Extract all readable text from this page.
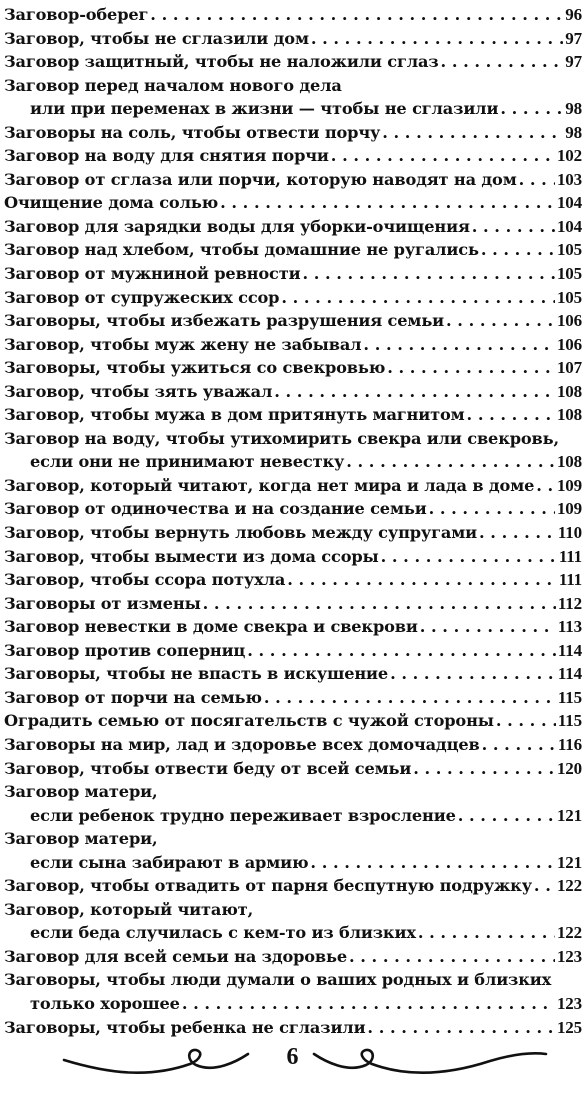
Заговор-оберег . . .	96
Заговор, чтобы не сглазили дом . . .	97
Заговор защитный, чтобы не наложили сглаз . . .	97
Заговор перед началом нового дела
или при переменах в жизни — чтобы не сглазили . . .	98
Заговоры на соль, чтобы отвести порчу . . .	98
Заговор на воду для снятия порчи . . .	102
Заговор от сглаза или порчи, которую наводят на дом . . . 103
Очищение дома солью . . .	104
Заговор для зарядки воды для уборки-очищения . . .	104
Заговор над хлебом, чтобы домашние не ругались . . .	105
Заговор от мужниной ревности . . .	105
Заговор от супружеских ссор . . .	105
Заговоры, чтобы избежать разрушения семьи . . .	106
Заговор, чтобы муж жену не забывал . . .	106
Заговоры, чтобы ужиться со свекровью . . .	107
Заговор, чтобы зять уважал . . .	108
Заговор, чтобы мужа в дом притянуть магнитом . . .	108
Заговор на воду, чтобы утихомирить свекра или свекровь,
если они не принимают невестку . . .	108
Заговор, который читают, когда нет мира и лада в доме . . . 109
Заговор от одиночества и на создание семьи . . .	109
Заговор, чтобы вернуть любовь между супругами . . .	110
Заговор, чтобы вымести из дома ссоры . . .	111
Заговор, чтобы ссора потухла . . .	111
Заговоры от измены . . .	112
Заговор невестки в доме свекра и свекрови . . .	113
Заговор против соперниц . . .	114
Заговоры, чтобы не впасть в искушение . . .	114
Заговор от порчи на семью . . .	115
Оградить семью от посягательств с чужой стороны . . .	115
Заговоры на мир, лад и здоровье всех домочадцев . . .	116
Заговор, чтобы отвести беду от всей семьи . . .	120
Заговор матери,
если ребенок трудно переживает взросление . . .	121
Заговор матери,
если сына забирают в армию . . .	121
Заговор, чтобы отвадить от парня беспутную подружку . . . 122
Заговор, который читают,
если беда случилась с кем-то из близких . . .	122
Заговор для всей семьи на здоровье . . .	123
Заговоры, чтобы люди думали о ваших родных и близких
только хорошее . . .	123
Заговоры, чтобы ребенка не сглазили . . .	125
6
